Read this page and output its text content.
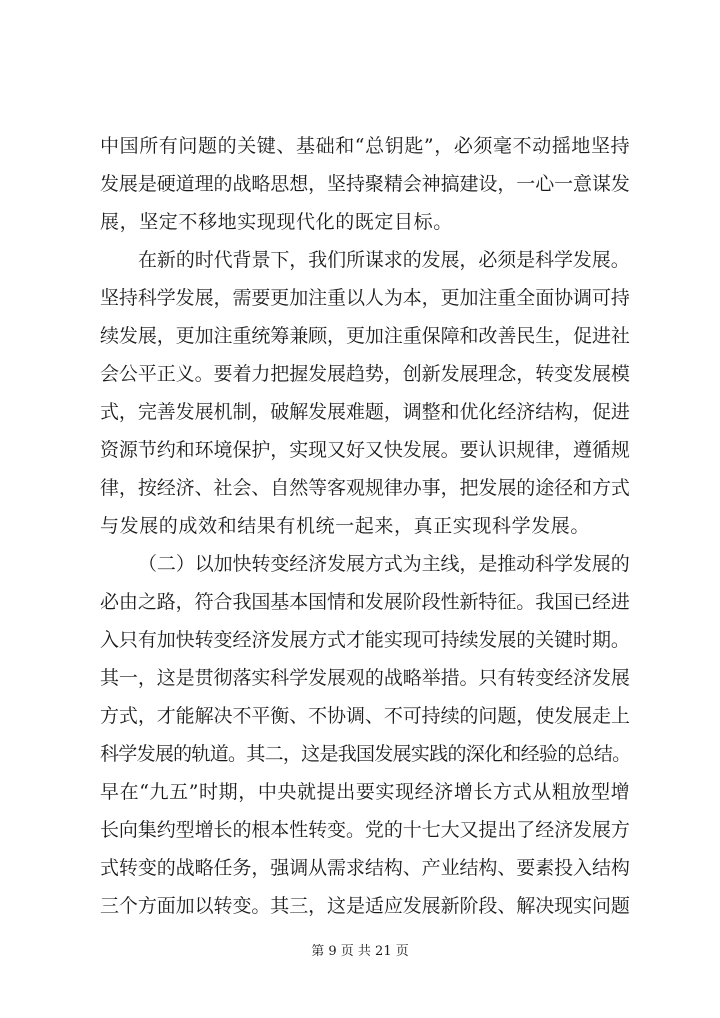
中国所有问题的关键、基础和“总钥匙”，必须毫不动摇地坚持
发展是硬道理的战略思想，坚持聚精会神搞建设，一心一意谋发
展，坚定不移地实现现代化的既定目标。
在新的时代背景下，我们所谋求的发展，必须是科学发展。
坚持科学发展，需要更加注重以人为本，更加注重全面协调可持
续发展，更加注重统筹兼顾，更加注重保障和改善民生，促进社
会公平正义。要着力把握发展趋势，创新发展理念，转变发展模
式，完善发展机制，破解发展难题，调整和优化经济结构，促进
资源节约和环境保护，实现又好又快发展。要认识规律，遵循规
律，按经济、社会、自然等客观规律办事，把发展的途径和方式
与发展的成效和结果有机统一起来，真正实现科学发展。
（二）以加快转变经济发展方式为主线，是推动科学发展的
必由之路，符合我国基本国情和发展阶段性新特征。我国已经进
入只有加快转变经济发展方式才能实现可持续发展的关键时期。
其一，这是贯彻落实科学发展观的战略举措。只有转变经济发展
方式，才能解决不平衡、不协调、不可持续的问题，使发展走上
科学发展的轨道。其二，这是我国发展实践的深化和经验的总结。
早在“九五”时期，中央就提出要实现经济增长方式从粗放型增
长向集约型增长的根本性转变。党的十七大又提出了经济发展方
式转变的战略任务，强调从需求结构、产业结构、要素投入结构
三个方面加以转变。其三，这是适应发展新阶段、解决现实问题
第 9 页 共 21 页
